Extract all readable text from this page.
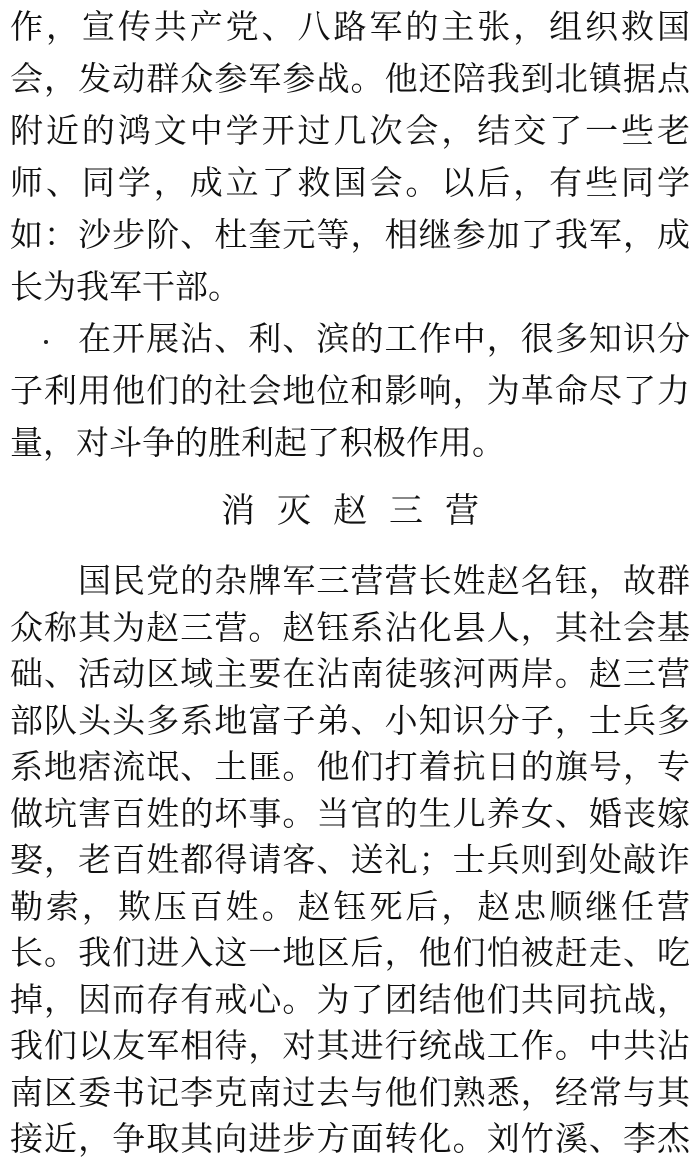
作，宣传共产党、八路军的主张，组织救国
会，发动群众参军参战。他还陪我到北镇据点
附近的鸿文中学开过几次会，结交了一些老
师、同学，成立了救国会。以后，有些同学
如：沙步阶、杜奎元等，相继参加了我军，成
长为我军干部。
在开展沾、利、滨的工作中，很多知识分
子利用他们的社会地位和影响，为革命尽了力
量，对斗争的胜利起了积极作用。
消灭赵三营
国民党的杂牌军三营营长姓赵名钰，故群
众称其为赵三营。赵钰系沾化县人，其社会基
础、活动区域主要在沾南徒骇河两岸。赵三营
部队头头多系地富子弟、小知识分子，士兵多
系地痞流氓、土匪。他们打着抗日的旗号，专
做坑害百姓的坏事。当官的生儿养女、婚丧嫁
娶，老百姓都得请客、送礼；士兵则到处敲诈
勒索，欺压百姓。赵钰死后，赵忠顺继任营
长。我们进入这一地区后，他们怕被赶走、吃
掉，因而存有戒心。为了团结他们共同抗战，
我们以友军相待，对其进行统战工作。中共沾
南区委书记李克南过去与他们熟悉，经常与其
接近，争取其向进步方面转化。刘竹溪、李杰
